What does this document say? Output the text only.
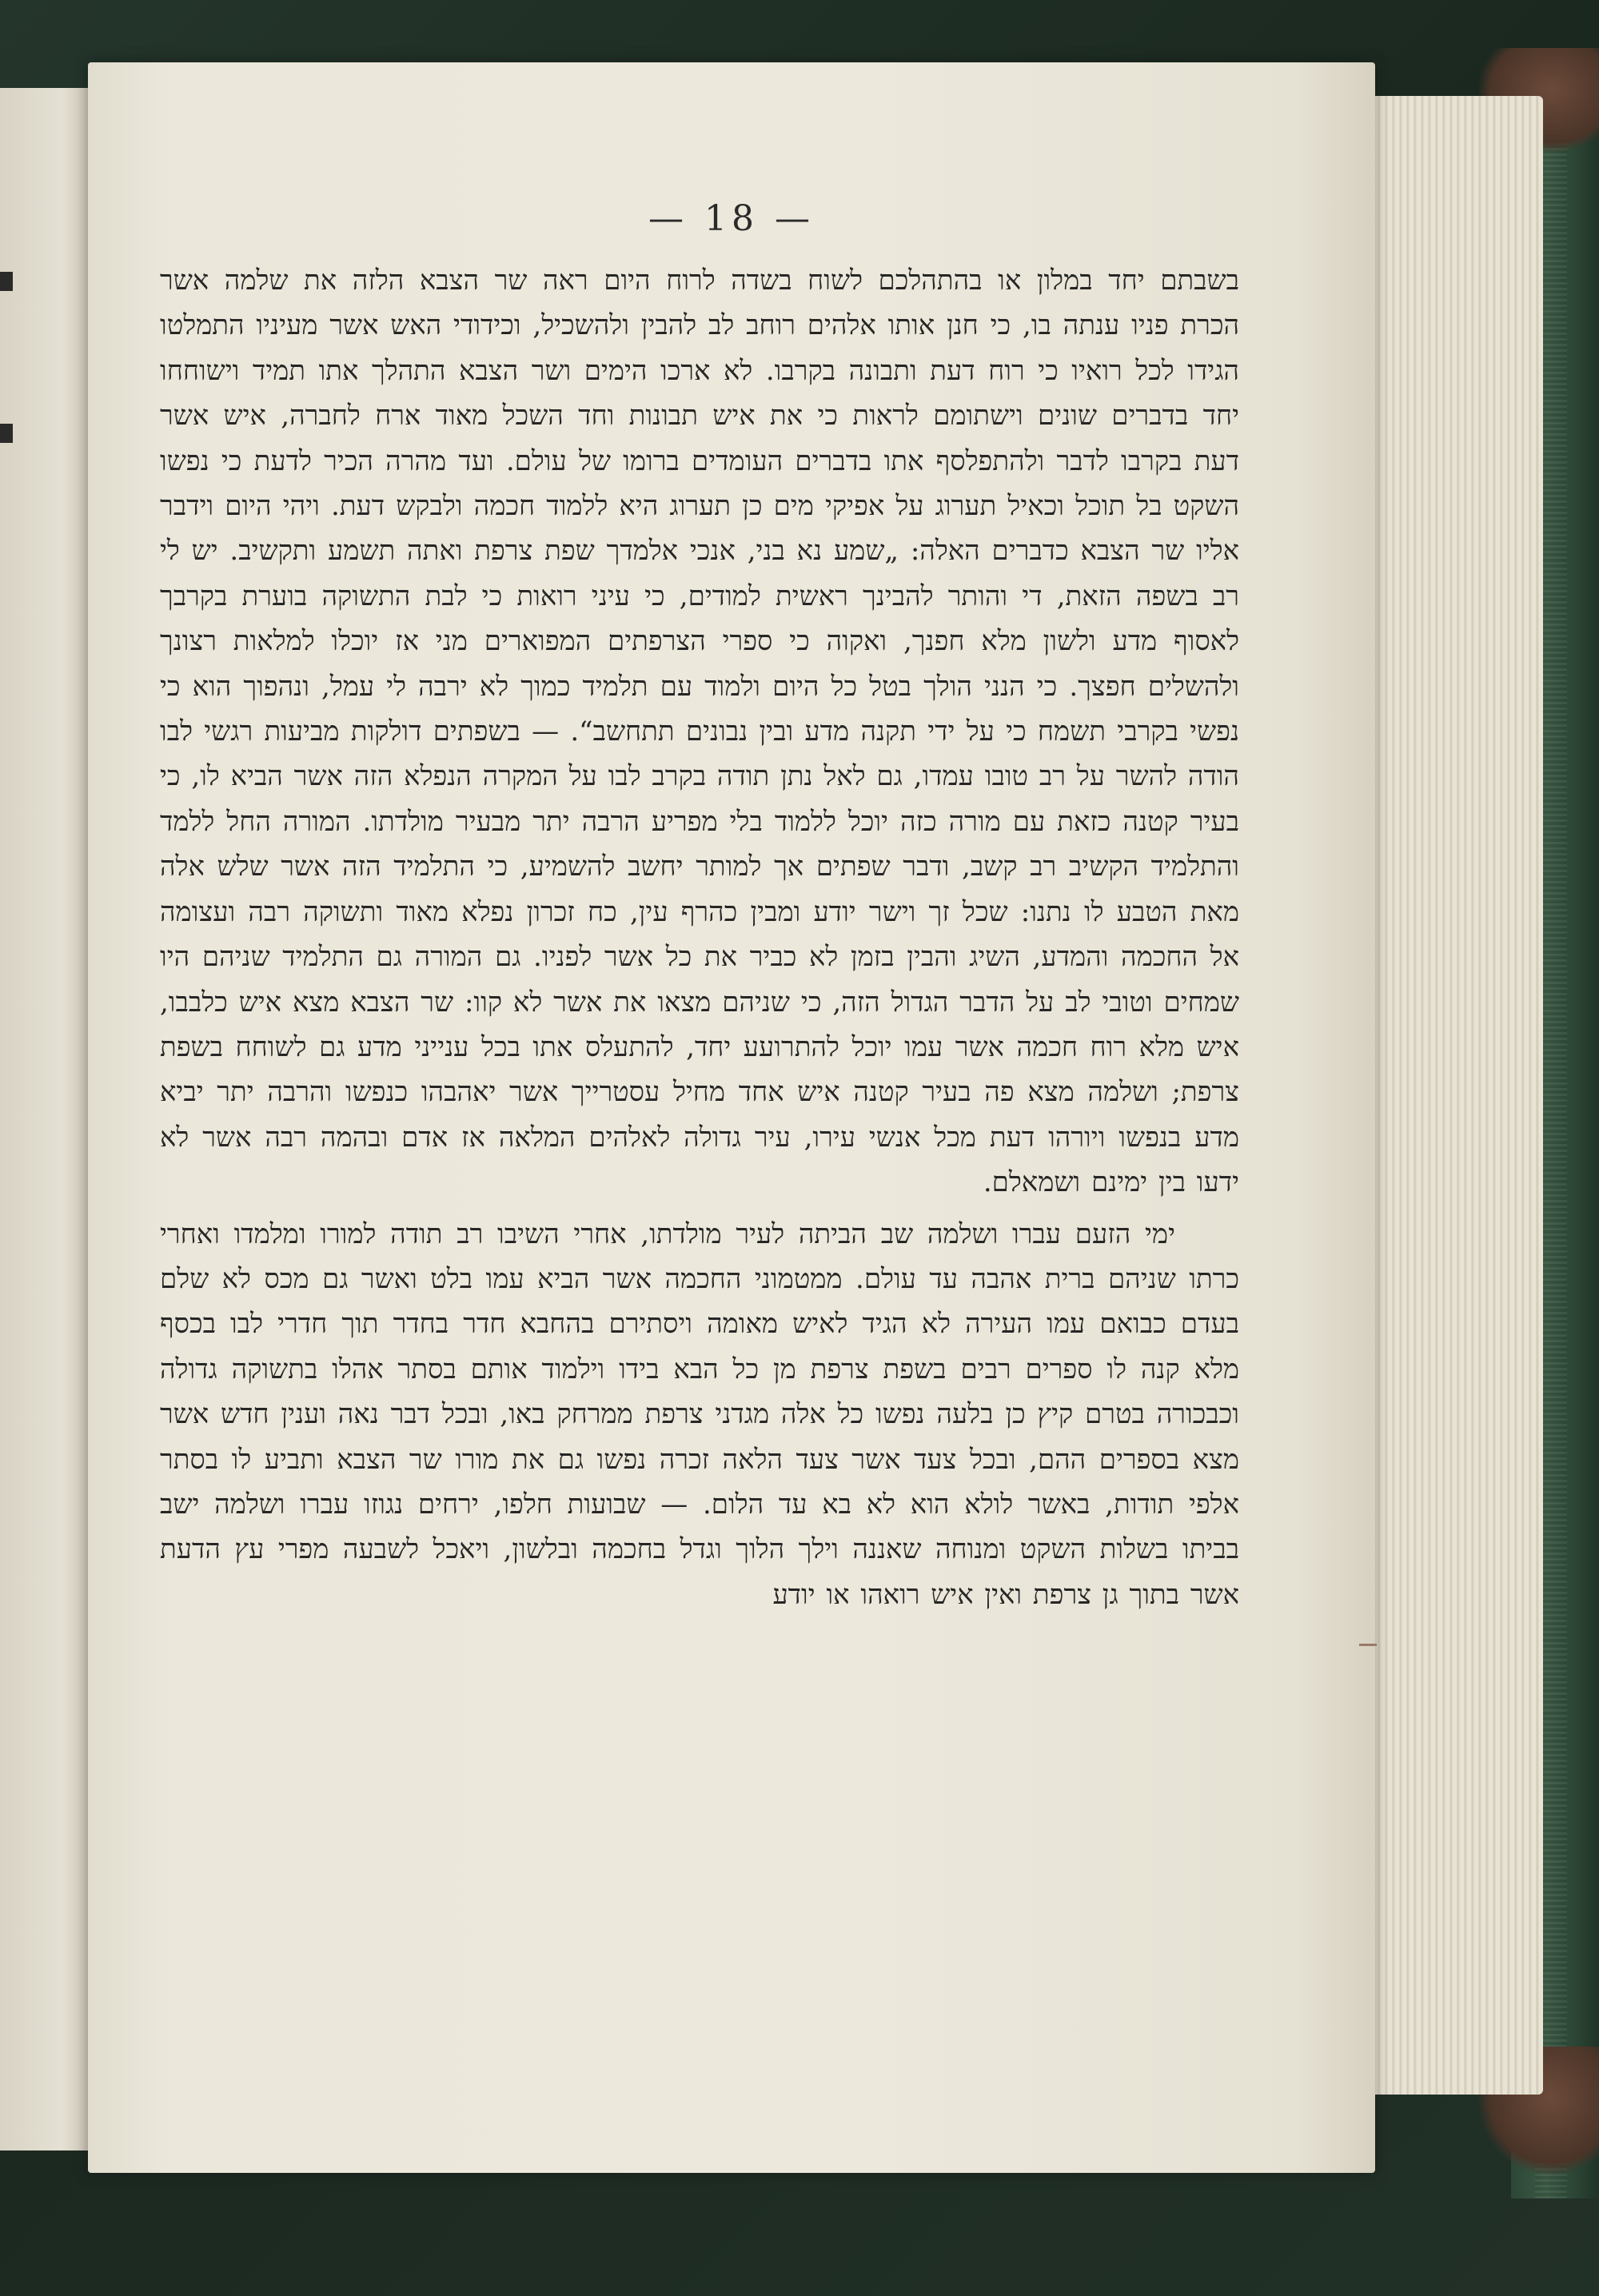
— 18 —

בשבתם יחד במלון או בהתהלכם לשוח בשדה לרוח היום ראה שר הצבא הלזה את שלמה אשר הכרת פניו ענתה בו, כי חנן אותו אלהים רוחב לב להבין ולהשכיל, וכידודי האש אשר מעיניו התמלטו הגידו לכל רואיו כי רוח דעת ותבונה בקרבו. לא ארכו הימים ושר הצבא התהלך אתו תמיד וישוחחו יחד בדברים שונים וישתומם לראות כי את איש תבונות וחד השכל מאוד ארח לחברה, איש אשר דעת בקרבו לדבר ולהתפלסף אתו בדברים העומדים ברומו של עולם. ועד מהרה הכיר לדעת כי נפשו השקט בל תוכל וכאיל תערוג על אפיקי מים כן תערוג היא ללמוד חכמה ולבקש דעת. ויהי היום וידבר אליו שר הצבא כדברים האלה: „שמע נא בני, אנכי אלמדך שפת צרפת ואתה תשמע ותקשיב. יש לי רב בשפה הזאת, די והותר להבינך ראשית למודים, כי עיני רואות כי לבת התשוקה בוערת בקרבך לאסוף מדע ולשון מלא חפנך, ואקוה כי ספרי הצרפתים המפוארים מני אז יוכלו למלאות רצונך ולהשלים חפצך. כי הנני הולך בטל כל היום ולמוד עם תלמיד כמוך לא ירבה לי עמל, ונהפוך הוא כי נפשי בקרבי תשמח כי על ידי תקנה מדע ובין נבונים תתחשב“. — בשפתים דולקות מביעות רגשי לבו הודה להשר על רב טובו עמדו, גם לאל נתן תודה בקרב לבו על המקרה הנפלא הזה אשר הביא לו, כי בעיר קטנה כזאת עם מורה כזה יוכל ללמוד בלי מפריע הרבה יתר מבעיר מולדתו. המורה החל ללמד והתלמיד הקשיב רב קשב, ודבר שפתים אך למותר יחשב להשמיע, כי התלמיד הזה אשר שלש אלה מאת הטבע לו נתנו: שכל זך וישר יודע ומבין כהרף עין, כח זכרון נפלא מאוד ותשוקה רבה ועצומה אל החכמה והמדע, השיג והבין בזמן לא כביר את כל אשר לפניו. גם המורה גם התלמיד שניהם היו שמחים וטובי לב על הדבר הגדול הזה, כי שניהם מצאו את אשר לא קוו: שר הצבא מצא איש כלבבו, איש מלא רוח חכמה אשר עמו יוכל להתרועע יחד, להתעלס אתו בכל ענייני מדע גם לשוחח בשפת צרפת; ושלמה מצא פה בעיר קטנה איש אחד מחיל עסטרייך אשר יאהבהו כנפשו והרבה יתר יביא מדע בנפשו ויורהו דעת מכל אנשי עירו, עיר גדולה לאלהים המלאה אז אדם ובהמה רבה אשר לא ידעו בין ימינם ושמאלם.

ימי הזעם עברו ושלמה שב הביתה לעיר מולדתו, אחרי השיבו רב תודה למורו ומלמדו ואחרי כרתו שניהם ברית אהבה עד עולם. ממטמוני החכמה אשר הביא עמו בלט ואשר גם מכס לא שלם בעדם כבואם עמו העירה לא הגיד לאיש מאומה ויסתירם בהחבא חדר בחדר תוך חדרי לבו בכסף מלא קנה לו ספרים רבים בשפת צרפת מן כל הבא בידו וילמוד אותם בסתר אהלו בתשוקה גדולה וכבכורה בטרם קיץ כן בלעה נפשו כל אלה מגדני צרפת ממרחק באו, ובכל דבר נאה וענין חדש אשר מצא בספרים ההם, ובכל צעד אשר צעד הלאה זכרה נפשו גם את מורו שר הצבא ותביע לו בסתר אלפי תודות, באשר לולא הוא לא בא עד הלום. — שבועות חלפו, ירחים נגוזו עברו ושלמה ישב בביתו בשלות השקט ומנוחה שאננה וילך הלוך וגדל בחכמה ובלשון, ויאכל לשבעה מפרי עץ הדעת אשר בתוך גן צרפת ואין איש רואהו או יודע
